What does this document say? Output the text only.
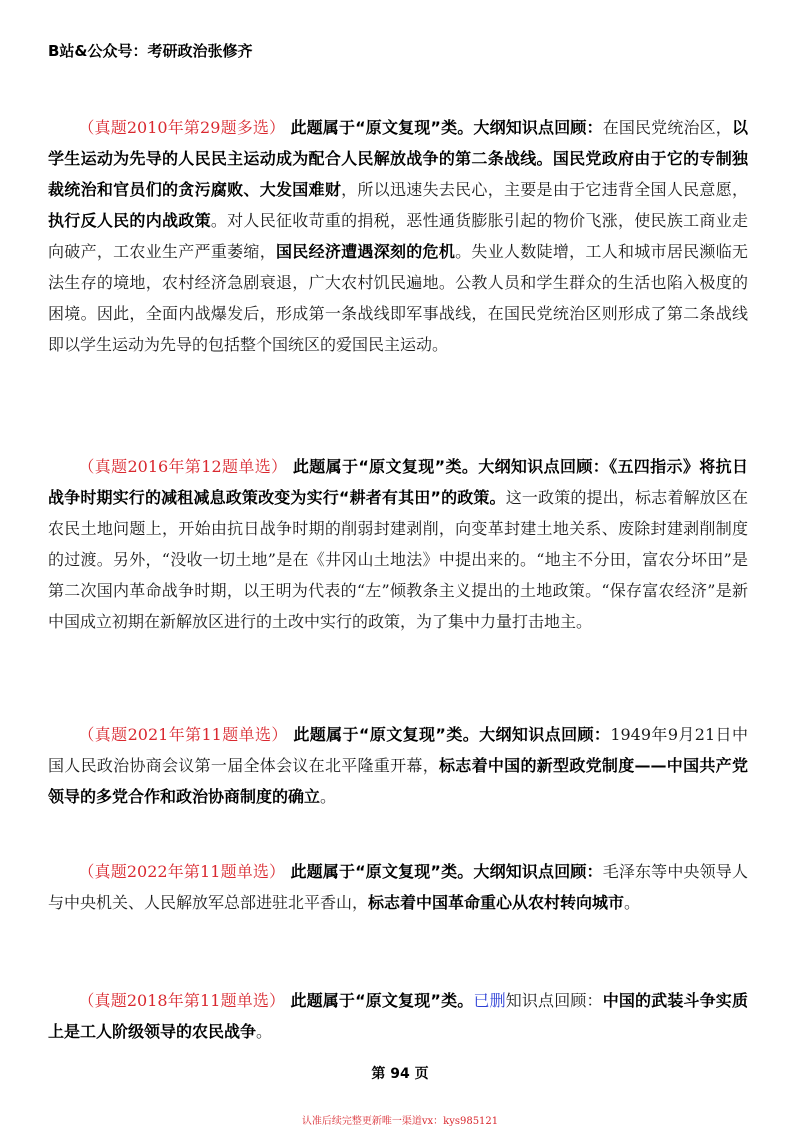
B站&公众号：考研政治张修齐

（真题2010年第29题多选） 此题属于“原文复现”类。大纲知识点回顾：在国民党统治区，以学生运动为先导的人民民主运动成为配合人民解放战争的第二条战线。国民党政府由于它的专制独裁统治和官员们的贪污腐败、大发国难财，所以迅速失去民心，主要是由于它违背全国人民意愿，执行反人民的内战政策。对人民征收苛重的捐税，恶性通货膨胀引起的物价飞涨，使民族工商业走向破产，工农业生产严重萎缩，国民经济遭遇深刻的危机。失业人数陡增，工人和城市居民濒临无法生存的境地，农村经济急剧衰退，广大农村饥民遍地。公教人员和学生群众的生活也陷入极度的困境。因此，全面内战爆发后，形成第一条战线即军事战线，在国民党统治区则形成了第二条战线即以学生运动为先导的包括整个国统区的爱国民主运动。

（真题2016年第12题单选） 此题属于“原文复现”类。大纲知识点回顾：《五四指示》将抗日战争时期实行的减租减息政策改变为实行“耕者有其田”的政策。这一政策的提出，标志着解放区在农民土地问题上，开始由抗日战争时期的削弱封建剥削，向变革封建土地关系、废除封建剥削制度的过渡。另外，“没收一切土地”是在《井冈山土地法》中提出来的。“地主不分田，富农分坏田”是第二次国内革命战争时期，以王明为代表的“左”倾教条主义提出的土地政策。“保存富农经济”是新中国成立初期在新解放区进行的土改中实行的政策，为了集中力量打击地主。

（真题2021年第11题单选） 此题属于“原文复现”类。大纲知识点回顾：1949年9月21日中国人民政治协商会议第一届全体会议在北平隆重开幕，标志着中国的新型政党制度——中国共产党领导的多党合作和政治协商制度的确立。

（真题2022年第11题单选） 此题属于“原文复现”类。大纲知识点回顾：毛泽东等中央领导人与中央机关、人民解放军总部进驻北平香山，标志着中国革命重心从农村转向城市。

（真题2018年第11题单选） 此题属于“原文复现”类。已删知识点回顾：中国的武装斗争实质上是工人阶级领导的农民战争。

第 94 页
认准后续完整更新唯一渠道vx：kys985121
